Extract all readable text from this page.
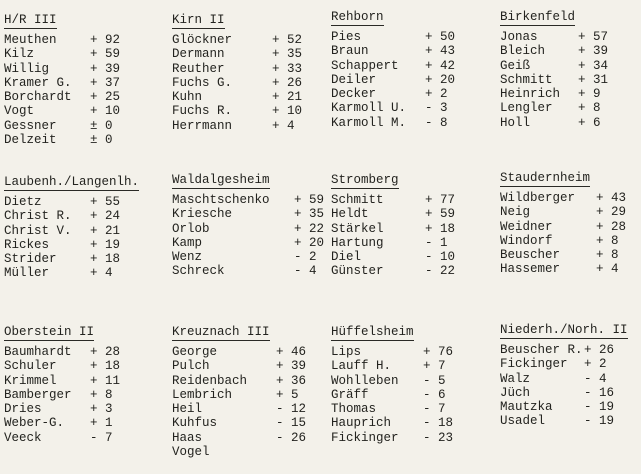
H/R III
Meuthen	+ 92
Kilz	+ 59
Willig	+ 39
Kramer G. + 37
Borchardt + 25
Vogt	+ 10
Gessner	± 0
Delzeit	± 0
Kirn II
Glöckner	+ 52
Dermann	+ 35
Reuther	+ 33
Fuchs G.	+ 26
Kuhn	+ 21
Fuchs R.	+ 10
Herrmann	+ 4
Rehborn
Pies	+ 50
Braun	+ 43
Schappert + 42
Deiler	+ 20
Decker	+ 2
Karmoll U. - 3
Karmoll M. - 8
Birkenfeld
Jonas	+ 57
Bleich	+ 39
Geiß	+ 34
Schmitt + 31
Heinrich + 9
Lengler + 8
Holl	+ 6
Laubenh./Langenlh.
Dietz	+ 55
Christ R. + 24
Christ V. + 21
Rickes	+ 19
Strider	+ 18
Müller	+ 4
Waldalgesheim
Maschtschenko + 59
Kriesche	+ 35
Orlob	+ 22
Kamp	+ 20
Wenz	- 2
Schreck	- 4
Stromberg
Schmitt	+ 77
Heldt	+ 59
Stärkel	+ 18
Hartung	- 1
Diel	- 10
Günster	- 22
Staudernheim
Wildberger + 43
Neig	+ 29
Weidner	+ 28
Windorf	+ 8
Beuscher	+ 8
Hassemer	+ 4
Oberstein II
Baumhardt + 28
Schuler	+ 18
Krimmel	+ 11
Bamberger + 8
Dries	+ 3
Weber-G. + 1
Veeck	- 7
Kreuznach III
George	+ 46
Pulch	+ 39
Reidenbach + 36
Lembrich	+ 5
Heil	- 12
Kuhfus	- 15
Haas	- 26
Vogel
Hüffelsheim
Lips	+ 76
Lauff H.	+ 7
Wohlleben - 5
Gräff	- 6
Thomas	- 7
Hauprich	- 18
Fickinger - 23
Niederh./Norh. II
Beuscher R. + 26
Fickinger + 2
Walz	- 4
Jüch	- 16
Mautzka	- 19
Usadel	- 19
